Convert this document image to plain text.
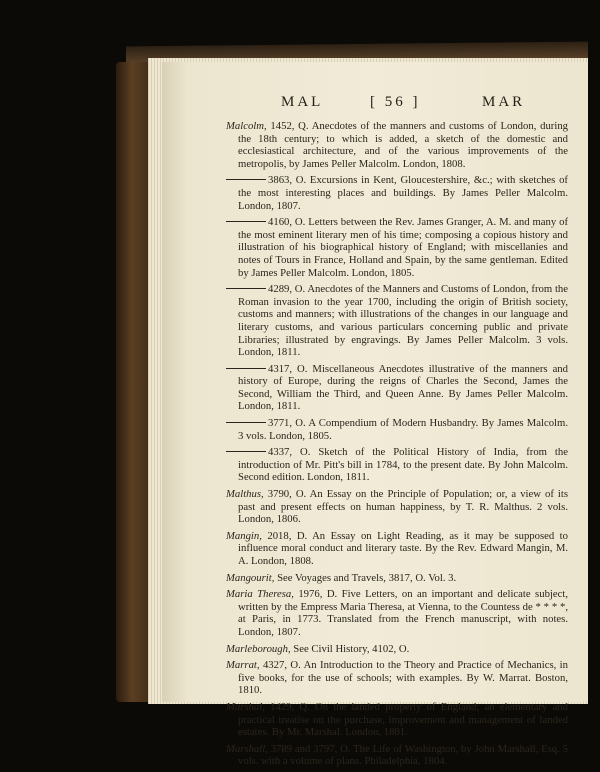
MAL	[ 56 ]	MAR

Malcolm, 1452, Q. Anecdotes of the manners and customs of London, during the 18th century; to which is added, a sketch of the domestic and ecclesiastical architecture, and of the various improvements of the metropolis, by James Peller Malcolm. London, 1808.

3863, O. Excursions in Kent, Gloucestershire, &c.; with sketches of the most interesting places and buildings. By James Peller Malcolm. London, 1807.

4160, O. Letters between the Rev. James Granger, A. M. and many of the most eminent literary men of his time; composing a copious history and illustration of his biographical history of England; with miscellanies and notes of Tours in France, Holland and Spain, by the same gentleman. Edited by James Peller Malcolm. London, 1805.

4289, O. Anecdotes of the Manners and Customs of London, from the Roman invasion to the year 1700, including the origin of British society, customs and manners; with illustrations of the changes in our language and literary customs, and various particulars concerning public and private Libraries; illustrated by engravings. By James Peller Malcolm. 3 vols. London, 1811.

4317, O. Miscellaneous Anecdotes illustrative of the manners and history of Europe, during the reigns of Charles the Second, James the Second, William the Third, and Queen Anne. By James Peller Malcolm. London, 1811.

3771, O. A Compendium of Modern Husbandry. By James Malcolm. 3 vols. London, 1805.

4337, O. Sketch of the Political History of India, from the introduction of Mr. Pitt's bill in 1784, to the present date. By John Malcolm. Second edition. London, 1811.

Malthus, 3790, O. An Essay on the Principle of Population; or, a view of its past and present effects on human happiness, by T. R. Malthus. 2 vols. London, 1806.

Mangin, 2018, D. An Essay on Light Reading, as it may be supposed to influence moral conduct and literary taste. By the Rev. Edward Mangin, M. A. London, 1808.

Mangourit, See Voyages and Travels, 3817, O. Vol. 3.

Maria Theresa, 1976, D. Five Letters, on an important and delicate subject, written by the Empress Maria Theresa, at Vienna, to the Countess de * * * *, at Paris, in 1773. Translated from the French manuscript, with notes. London, 1807.

Marleborough, See Civil History, 4102, O.

Marrat, 4327, O. An Introduction to the Theory and Practice of Mechanics, in five books, for the use of schools; with examples. By W. Marrat. Boston, 1810.

Marshal, 1429, Q. On the landed property of England; an elementary and practical treatise on the purchase, improvement and management of landed estates. By Mr. Marshal. London, 1801.

Marshall, 3789 and 3797, O. The Life of Washington, by John Marshall, Esq. 5 vols. with a volume of plans. Philadelphia, 1804.
